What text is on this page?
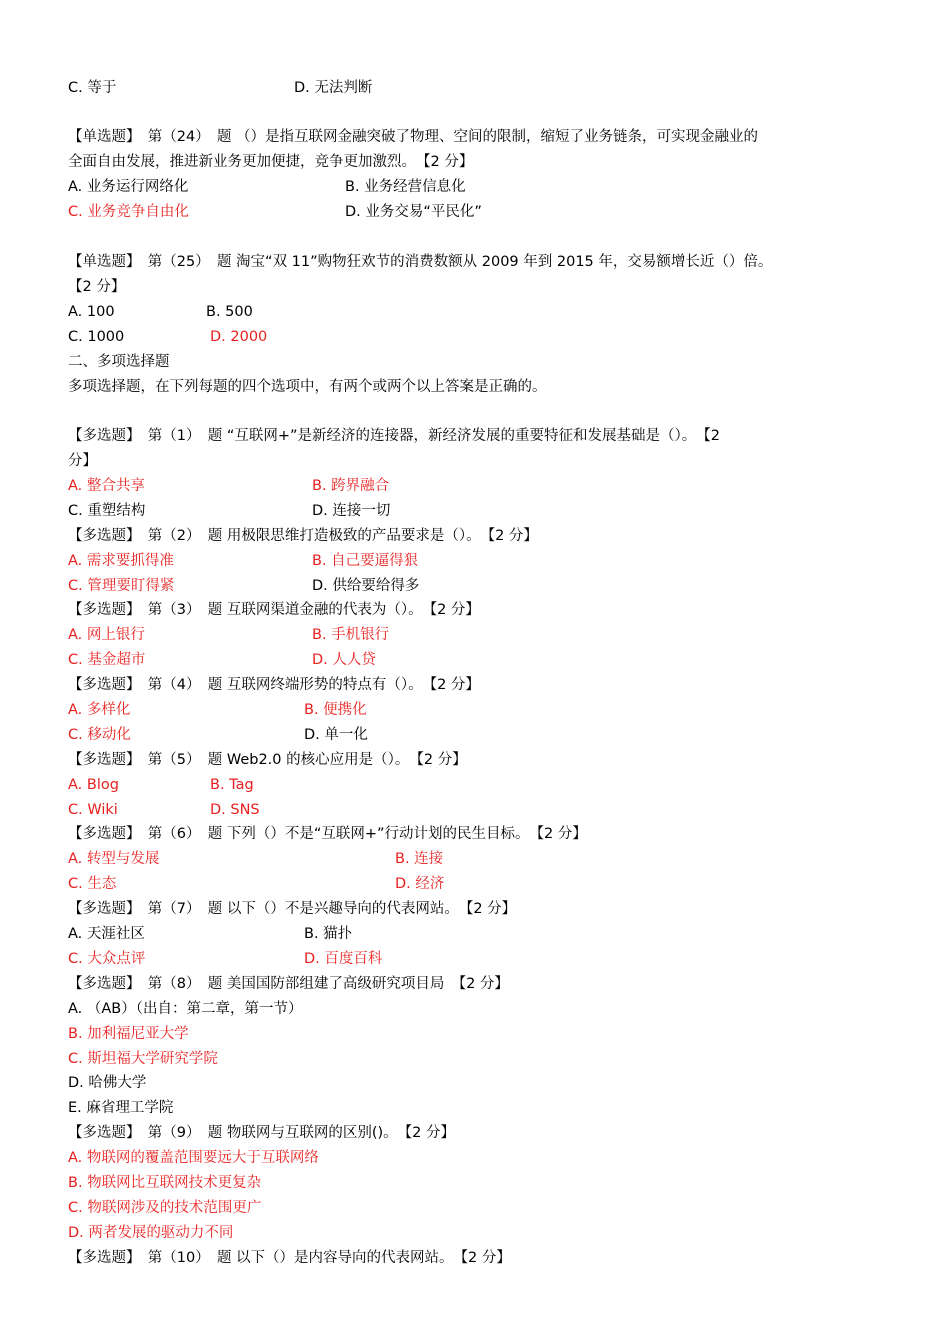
C. 等于	D. 无法判断
【单选题】　第（24）　题 （）是指互联网金融突破了物理、空间的限制，缩短了业务链条，可实现金融业的
全面自由发展，推进新业务更加便捷，竞争更加激烈。　【2 分】
A. 业务运行网络化	B. 业务经营信息化
C. 业务竞争自由化	D. 业务交易“平民化”
【单选题】　第（25）　题 淘宝“双 11”购物狂欢节的消费数额从 2009 年到 2015 年，交易额增长近（）倍。
【2 分】
A. 100	B. 500
C. 1000	D. 2000
二、多项选择题
多项选择题，在下列每题的四个选项中，有两个或两个以上答案是正确的。
【多选题】　第（1）　题 “互联网+”是新经济的连接器，新经济发展的重要特征和发展基础是（）。　【2
分】
A. 整合共享	B. 跨界融合
C. 重塑结构	D. 连接一切
【多选题】　第（2）　题 用极限思维打造极致的产品要求是（）。　【2 分】
A. 需求要抓得准	B. 自己要逼得狠
C. 管理要盯得紧	D. 供给要给得多
【多选题】　第（3）　题 互联网渠道金融的代表为（）。　【2 分】
A. 网上银行	B. 手机银行
C. 基金超市	D. 人人贷
【多选题】　第（4）　题 互联网终端形势的特点有（）。　【2 分】
A. 多样化	B. 便携化
C. 移动化	D. 单一化
【多选题】　第（5）　题 Web2.0 的核心应用是（）。　【2 分】
A. Blog	B. Tag
C. Wiki	D. SNS
【多选题】　第（6）　题 下列（）不是“互联网+”行动计划的民生目标。　【2 分】
A. 转型与发展	B. 连接
C. 生态	D. 经济
【多选题】　第（7）　题 以下（）不是兴趣导向的代表网站。　【2 分】
A. 天涯社区	B. 猫扑
C. 大众点评	D. 百度百科
【多选题】　第（8）　题 美国国防部组建了高级研究项目局　【2 分】
A. （AB）（出自：第二章，第一节）
B. 加利福尼亚大学
C. 斯坦福大学研究学院
D. 哈佛大学
E. 麻省理工学院
【多选题】　第（9）　题 物联网与互联网的区别()。　【2 分】
A. 物联网的覆盖范围要远大于互联网络
B. 物联网比互联网技术更复杂
C. 物联网涉及的技术范围更广
D. 两者发展的驱动力不同
【多选题】　第（10）　题 以下（）是内容导向的代表网站。　【2 分】
